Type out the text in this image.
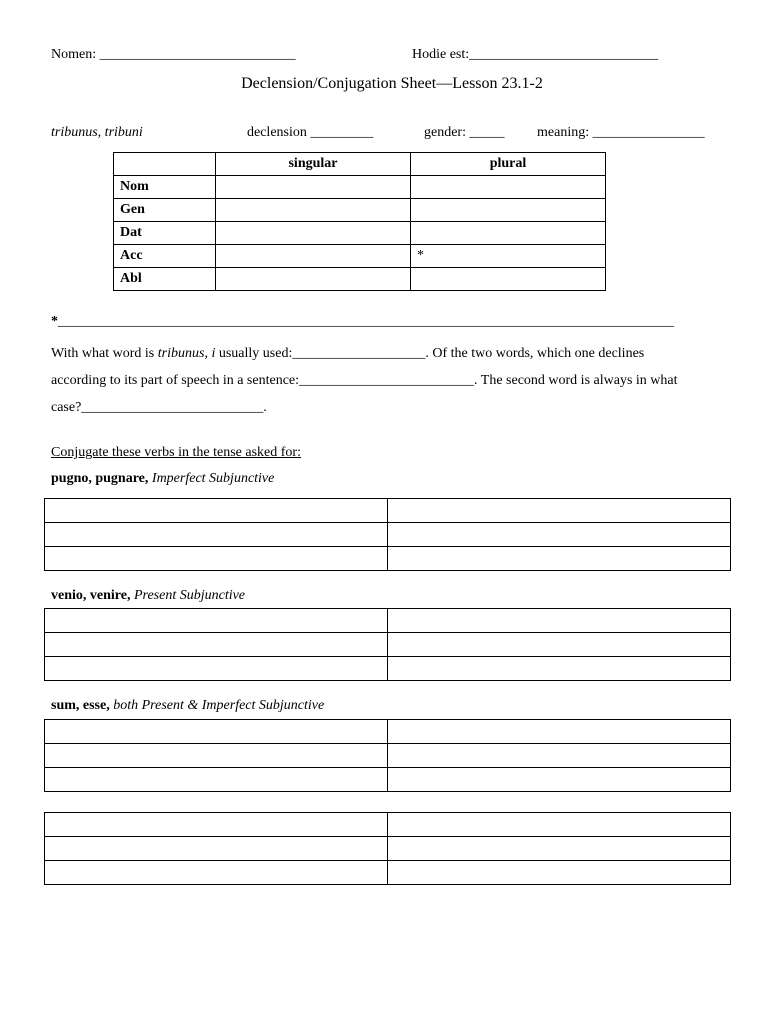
Nomen: ____________________________	Hodie est:___________________________
Declension/Conjugation Sheet—Lesson 23.1-2
tribunus, tribuni	declension _________	gender: _____ meaning: ________________
	singular	plural
Nom		
Gen		
Dat		
Acc		*
Abl		
*________________________________________________________________________________________
With what word is tribunus, i usually used:___________________. Of the two words, which one declines
according to its part of speech in a sentence:_________________________. The second word is always in what
case?__________________________.
Conjugate these verbs in the tense asked for:
pugno, pugnare, Imperfect Subjunctive

venio, venire, Present Subjunctive

sum, esse, both Present & Imperfect Subjunctive
